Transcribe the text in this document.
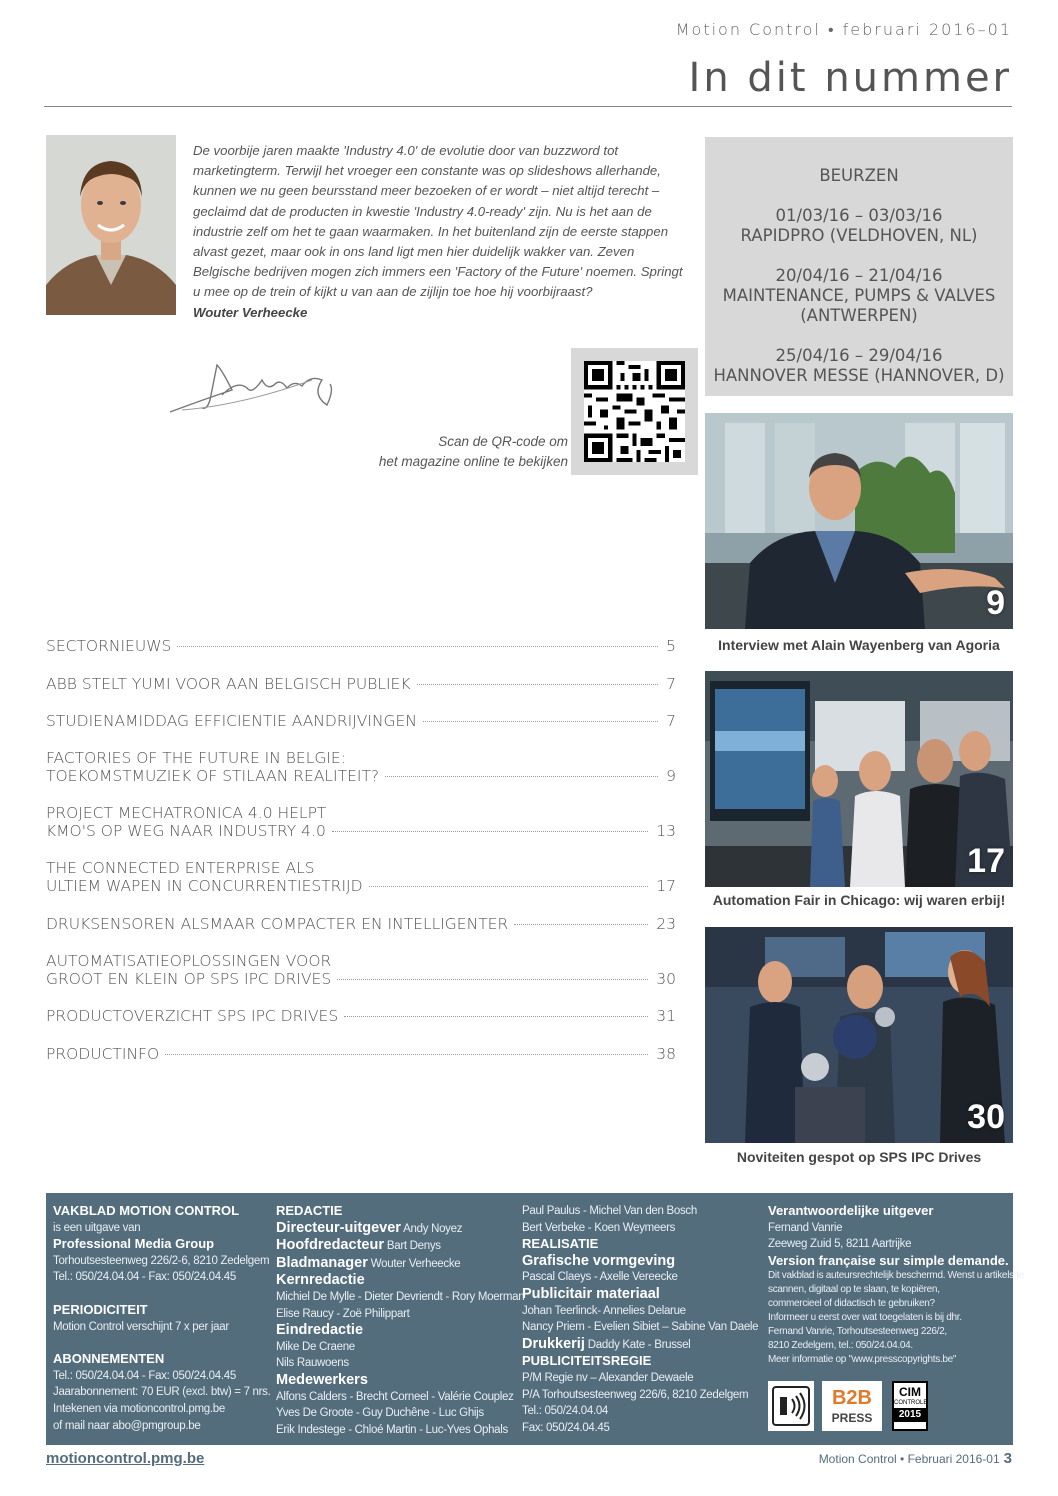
Motion Control • februari 2016–01
In dit nummer
De voorbije jaren maakte 'Industry 4.0' de evolutie door van buzzword tot marketingterm. Terwijl het vroeger een constante was op slideshows allerhande, kunnen we nu geen beursstand meer bezoeken of er wordt – niet altijd terecht – geclaimd dat de producten in kwestie 'Industry 4.0-ready' zijn. Nu is het aan de industrie zelf om het te gaan waarmaken. In het buitenland zijn de eerste stappen alvast gezet, maar ook in ons land ligt men hier duidelijk wakker van. Zeven Belgische bedrijven mogen zich immers een 'Factory of the Future' noemen. Springt u mee op de trein of kijkt u van aan de zijlijn toe hoe hij voorbijraast?
Wouter Verheecke
Scan de QR-code om
het magazine online te bekijken
BEURZEN
01/03/16 – 03/03/16
RAPIDPRO (VELDHOVEN, NL)
20/04/16 – 21/04/16
MAINTENANCE, PUMPS & VALVES
(ANTWERPEN)
25/04/16 – 29/04/16
HANNOVER MESSE (HANNOVER, D)
9
Interview met Alain Wayenberg van Agoria
17
Automation Fair in Chicago: wij waren erbij!
30
Noviteiten gespot op SPS IPC Drives
SECTORNIEUWS	5
ABB STELT YUMI VOOR AAN BELGISCH PUBLIEK	7
STUDIENAMIDDAG EFFICIENTIE AANDRIJVINGEN	7
FACTORIES OF THE FUTURE IN BELGIE:
TOEKOMSTMUZIEK OF STILAAN REALITEIT?	9
PROJECT MECHATRONICA 4.0 HELPT
KMO'S OP WEG NAAR INDUSTRY 4.0	13
THE CONNECTED ENTERPRISE ALS
ULTIEM WAPEN IN CONCURRENTIESTRIJD	17
DRUKSENSOREN ALSMAAR COMPACTER EN INTELLIGENTER	23
AUTOMATISATIEOPLOSSINGEN VOOR
GROOT EN KLEIN OP SPS IPC DRIVES	30
PRODUCTOVERZICHT SPS IPC DRIVES	31
PRODUCTINFO	38
VAKBLAD MOTION CONTROL
is een uitgave van
Professional Media Group
Torhoutsesteenweg 226/2-6, 8210 Zedelgem
Tel.: 050/24.04.04 - Fax: 050/24.04.45
PERIODICITEIT
Motion Control verschijnt 7 x per jaar
ABONNEMENTEN
Tel.: 050/24.04.04 - Fax: 050/24.04.45
Jaarabonnement: 70 EUR (excl. btw) = 7 nrs.
Intekenen via motioncontrol.pmg.be
of mail naar abo@pmgroup.be
REDACTIE
Directeur-uitgever Andy Noyez
Hoofdredacteur Bart Denys
Bladmanager Wouter Verheecke
Kernredactie
Michiel De Mylle - Dieter Devriendt - Rory Moerman
Elise Raucy - Zoë Philippart
Eindredactie
Mike De Craene
Nils Rauwoens
Medewerkers
Alfons Calders - Brecht Corneel - Valérie Couplez
Yves De Groote - Guy Duchêne - Luc Ghijs
Erik Indestege - Chloé Martin - Luc-Yves Ophals
Paul Paulus - Michel Van den Bosch
Bert Verbeke - Koen Weymeers
REALISATIE
Grafische vormgeving
Pascal Claeys - Axelle Vereecke
Publicitair materiaal
Johan Teerlinck- Annelies Delarue
Nancy Priem - Evelien Sibiet – Sabine Van Daele
Drukkerij Daddy Kate - Brussel
PUBLICITEITSREGIE
P/M Regie nv – Alexander Dewaele
P/A Torhoutsesteenweg 226/6, 8210 Zedelgem
Tel.: 050/24.04.04
Fax: 050/24.04.45
Verantwoordelijke uitgever
Fernand Vanrie
Zeeweg Zuid 5, 8211 Aartrijke
Version française sur simple demande.
Dit vakblad is auteursrechtelijk beschermd. Wenst u artikels te
scannen, digitaal op te slaan, te kopiëren,
commercieel of didactisch te gebruiken?
Informeer u eerst over wat toegelaten is bij dhr.
Fernand Vanrie, Torhoutsesteenweg 226/2,
8210 Zedelgem, tel.: 050/24.04.04.
Meer informatie op "www.presscopyrights.be"
B2B
PRESS
CIM
CONTROLE
2015
motioncontrol.pmg.be	Motion Control • Februari 2016-01 3
